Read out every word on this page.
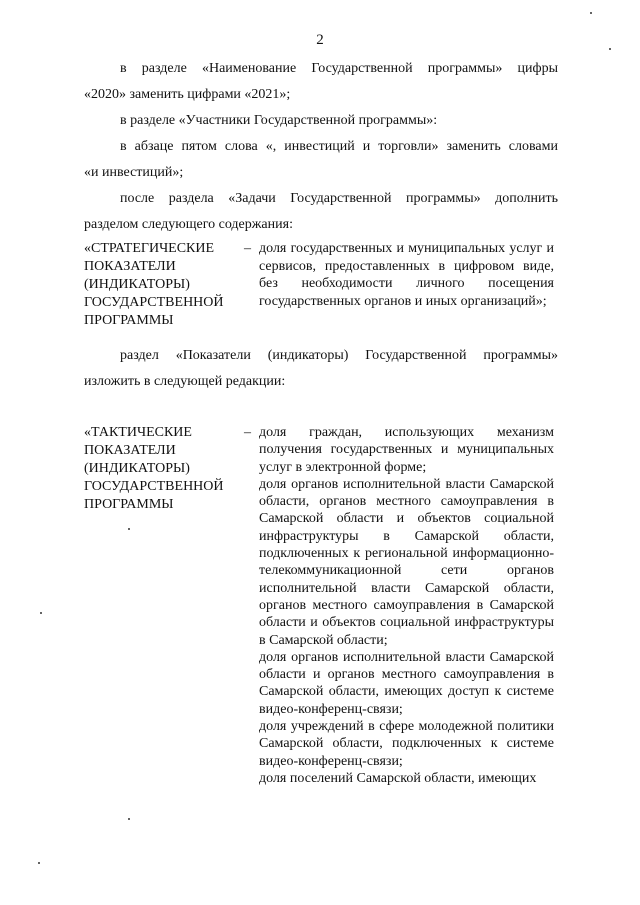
2
в разделе «Наименование Государственной программы» цифры
«2020» заменить цифрами «2021»;
в разделе «Участники Государственной программы»:
в абзаце пятом слова «, инвестиций и торговли» заменить словами
«и инвестиций»;
после раздела «Задачи Государственной программы» дополнить
разделом следующего содержания:
«СТРАТЕГИЧЕСКИЕ
ПОКАЗАТЕЛИ
(ИНДИКАТОРЫ)
ГОСУДАРСТВЕННОЙ
ПРОГРАММЫ
– доля государственных и муниципальных услуг и сервисов, предоставленных в цифровом виде, без необходимости личного посещения государственных органов и иных организаций»;

раздел «Показатели (индикаторы) Государственной программы»
изложить в следующей редакции:
«ТАКТИЧЕСКИЕ
ПОКАЗАТЕЛИ
(ИНДИКАТОРЫ)
ГОСУДАРСТВЕННОЙ
ПРОГРАММЫ
– доля граждан, использующих механизм получения государственных и муниципальных услуг в электронной форме;

доля органов исполнительной власти Самарской области, органов местного самоуправления в Самарской области и объектов социальной инфраструктуры в Самарской области, подключенных к региональной информационно-телекоммуникационной сети органов исполнительной власти Самарской области, органов местного самоуправления в Самарской области и объектов социальной инфраструктуры в Самарской области;

доля органов исполнительной власти Самарской области и органов местного самоуправления в Самарской области, имеющих доступ к системе видео-конференц-связи;

доля учреждений в сфере молодежной политики Самарской области, подключенных к системе видео-конференц-связи;

доля поселений Самарской области, имеющих
